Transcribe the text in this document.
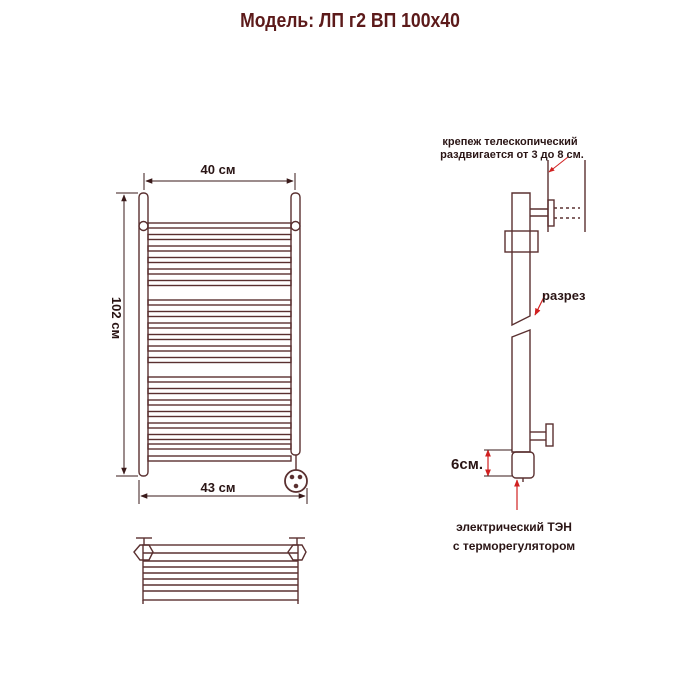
Модель: ЛП г2 ВП 100х40
40 см
102 см
43 см
крепеж телескопический
раздвигается от 3 до 8 см.
разрез
6см.
электрический ТЭН
с терморегулятором
